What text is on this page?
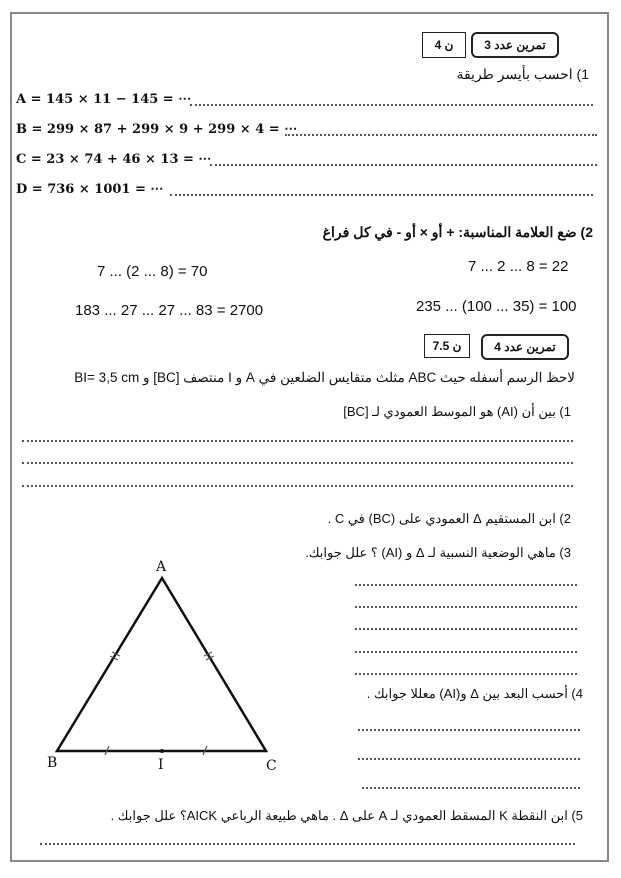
4 ن	تمرين عدد 3
1) احسب بأيسر طريقة
A = 145 × 11 − 145 = ⋯
B = 299 × 87 + 299 × 9 + 299 × 4 = ⋯
C = 23 × 74 + 46 × 13 = ⋯
D = 736 × 1001 = ⋯
2) ضع العلامة المناسبة: + أو × أو - في كل فراغ
7 ... 2 ... 8 = 22
7 ... (2 ... 8) = 70
235 ... (100 ... 35) = 100
183 ... 27 ... 27 ... 83 = 2700
7.5 ن	تمرين عدد 4
لاحظ الرسم أسفله حيث ABC مثلث متقايس الضلعين في A و I منتصف [BC] و BI= 3,5 cm
1) بين أن (AI) هو الموسط العمودي لـ [BC]
2) ابن المستقيم Δ العمودي على (BC) في C .
3) ماهي الوضعية النسبية لـ Δ و (AI) ؟ علل جوابك.
4) أحسب البعد بين Δ و(AI) معللا جوابك .
5) ابن النقطة K المسقط العمودي لـ A على Δ . ماهي طبيعة الرباعي AICK؟ علل جوابك .
A
B	I	C
